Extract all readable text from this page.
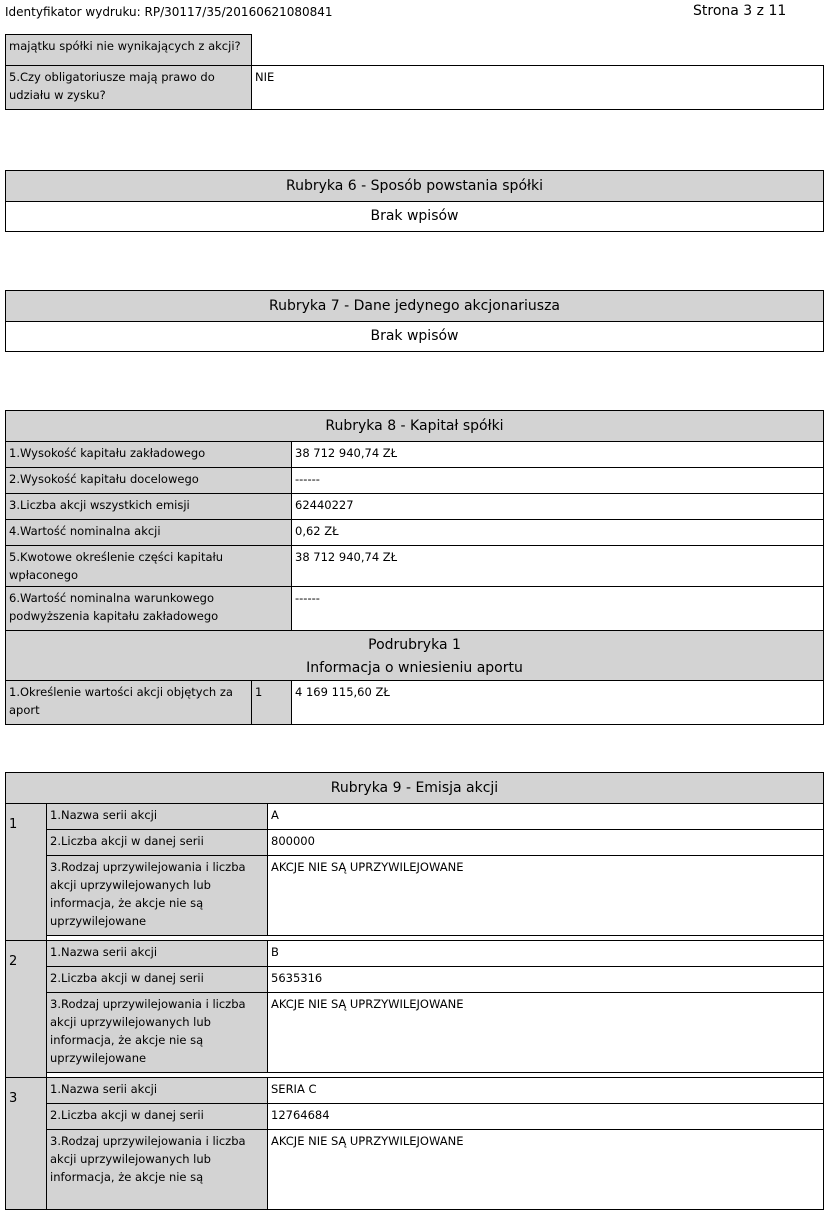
Identyfikator wydruku: RP/30117/35/20160621080841	Strona 3 z 11
majątku spółki nie wynikających z akcji?	
5.Czy obligatoriusze mają prawo do udziału w zysku?	NIE
Rubryka 6 - Sposób powstania spółki
Brak wpisów
Rubryka 7 - Dane jedynego akcjonariusza
Brak wpisów
Rubryka 8 - Kapitał spółki		
1.Wysokość kapitału zakładowego		38 712 940,74 ZŁ
2.Wysokość kapitału docelowego		------
3.Liczba akcji wszystkich emisji		62440227
4.Wartość nominalna akcji		0,62 ZŁ
5.Kwotowe określenie części kapitału wpłaconego		38 712 940,74 ZŁ
6.Wartość nominalna warunkowego podwyższenia kapitału zakładowego		------

Podrubryka 1
Informacja o wniesieniu aportu		

1.Określenie wartości akcji objętych za aport	1	4 169 115,60 ZŁ
Rubryka 9 - Emisja akcji		
1	1.Nazwa serii akcji	A
	2.Liczba akcji w danej serii	800000
	3.Rodzaj uprzywilejowania i liczba akcji uprzywilejowanych lub informacja, że akcje nie są uprzywilejowane	AKCJE NIE SĄ UPRZYWILEJOWANE

2	1.Nazwa serii akcji	B
	2.Liczba akcji w danej serii	5635316
	3.Rodzaj uprzywilejowania i liczba akcji uprzywilejowanych lub informacja, że akcje nie są uprzywilejowane	AKCJE NIE SĄ UPRZYWILEJOWANE

3	1.Nazwa serii akcji	SERIA C
	2.Liczba akcji w danej serii	12764684
	3.Rodzaj uprzywilejowania i liczba akcji uprzywilejowanych lub informacja, że akcje nie są	AKCJE NIE SĄ UPRZYWILEJOWANE
